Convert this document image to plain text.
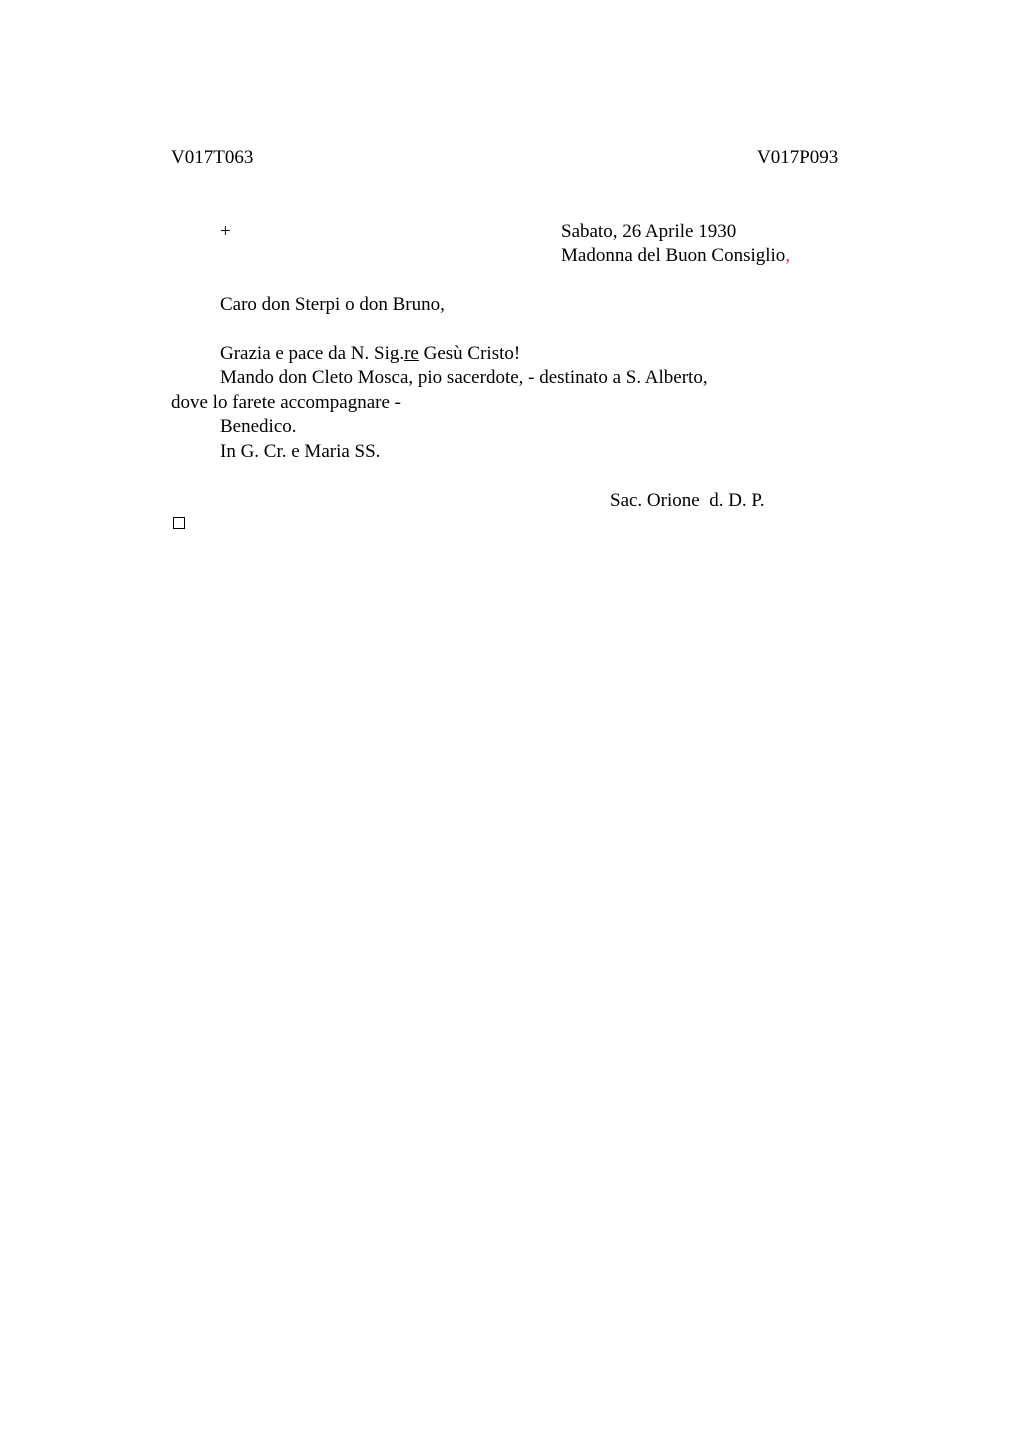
V017T063	V017P093
+	Sabato, 26 Aprile 1930
Madonna del Buon Consiglio,
Caro don Sterpi o don Bruno,
Grazia e pace da N. Sig.re Gesù Cristo!
Mando don Cleto Mosca, pio sacerdote, - destinato a S. Alberto,
dove lo farete accompagnare -
Benedico.
In G. Cr. e Maria SS.
Sac. Orione  d. D. P.
